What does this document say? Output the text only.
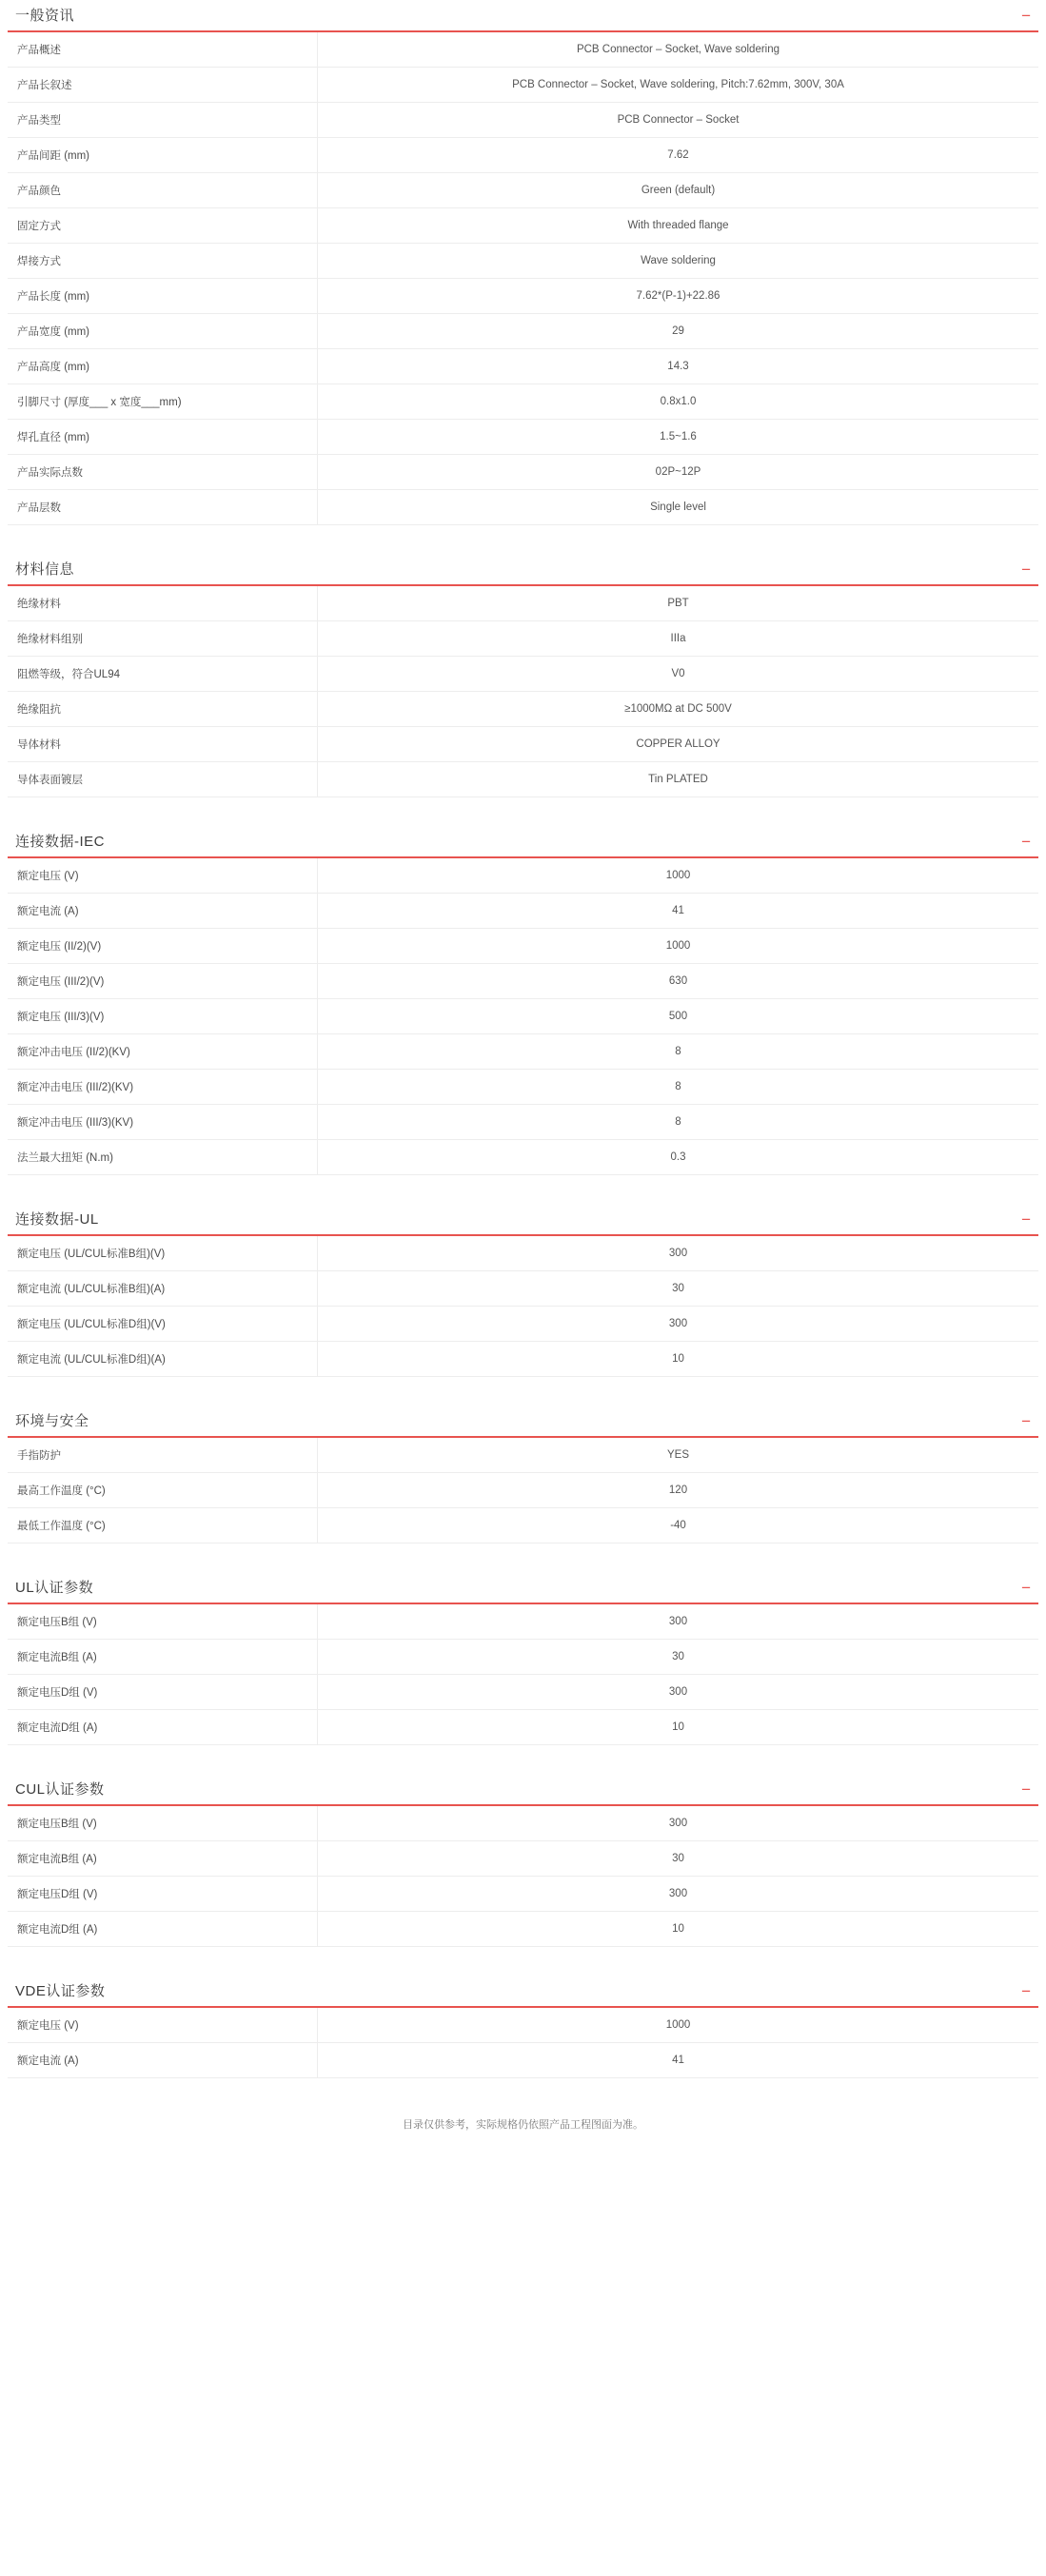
一般资讯	−
产品概述	PCB Connector – Socket, Wave soldering
产品长叙述	PCB Connector – Socket, Wave soldering, Pitch:7.62mm, 300V, 30A
产品类型	PCB Connector – Socket
产品间距 (mm)	7.62
产品颜色	Green (default)
固定方式	With threaded flange
焊接方式	Wave soldering
产品长度 (mm)	7.62*(P-1)+22.86
产品宽度 (mm)	29
产品高度 (mm)	14.3
引脚尺寸 (厚度___ x 宽度___mm)	0.8x1.0
焊孔直径 (mm)	1.5~1.6
产品实际点数	02P~12P
产品层数	Single level
材料信息	−
绝缘材料	PBT
绝缘材料组别	IIIa
阻燃等级，符合UL94	V0
绝缘阻抗	≥1000MΩ at DC 500V
导体材料	COPPER ALLOY
导体表面镀层	Tin PLATED
连接数据-IEC	−
额定电压 (V)	1000
额定电流 (A)	41
额定电压 (II/2)(V)	1000
额定电压 (III/2)(V)	630
额定电压 (III/3)(V)	500
额定冲击电压 (II/2)(KV)	8
额定冲击电压 (III/2)(KV)	8
额定冲击电压 (III/3)(KV)	8
法兰最大扭矩 (N.m)	0.3
连接数据-UL	−
额定电压 (UL/CUL标准B组)(V)	300
额定电流 (UL/CUL标准B组)(A)	30
额定电压 (UL/CUL标准D组)(V)	300
额定电流 (UL/CUL标准D组)(A)	10
环境与安全	−
手指防护	YES
最高工作温度 (°C)	120
最低工作温度 (°C)	-40
UL认证参数	−
额定电压B组 (V)	300
额定电流B组 (A)	30
额定电压D组 (V)	300
额定电流D组 (A)	10
CUL认证参数	−
额定电压B组 (V)	300
额定电流B组 (A)	30
额定电压D组 (V)	300
额定电流D组 (A)	10
VDE认证参数	−
额定电压 (V)	1000
额定电流 (A)	41
目录仅供参考，实际规格仍依照产品工程图面为准。
